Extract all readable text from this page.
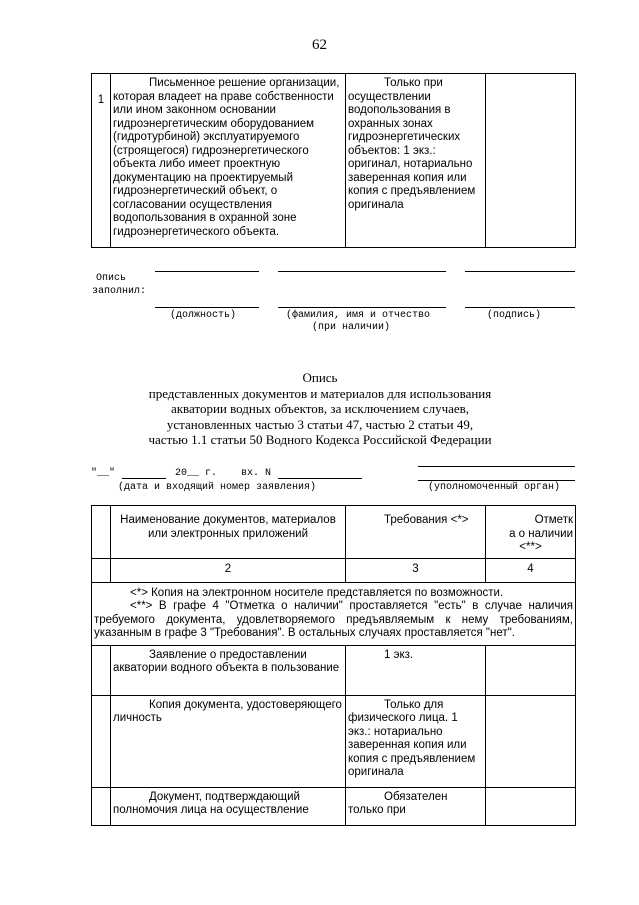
62
1	Письменное решение организации, которая владеет на праве собственности или ином законном основании гидроэнергетическим оборудованием (гидротурбиной) эксплуатируемого (строящегося) гидроэнергетического объекта либо имеет проектную документацию на проектируемый гидроэнергетический объект, о согласовании осуществления водопользования в охранной зоне гидроэнергетического объекта.	Только при осуществлении водопользования в охранных зонах гидроэнергетических объектов: 1 экз.: оригинал, нотариально заверенная копия или копия с предъявлением оригинала	
Опись
заполнил:
(должность)	(фамилия, имя и отчество
(при наличии)
(подпись)
Опись
представленных документов и материалов для использования
акватории водных объектов, за исключением случаев,
установленных частью 3 статьи 47, частью 2 статьи 49,
частью 1.1 статьи 50 Водного Кодекса Российской Федерации
"__"          20__ г.    вх. N
(дата и входящий номер заявления)	(уполномоченный орган)
	Наименование документов, материалов или электронных приложений	Требования <*>	Отметк
а о наличии
<**>

	2	3	4

<*> Копия на электронном носителе представляется по возможности.
<**> В графе 4 "Отметка о наличии" проставляется "есть" в случае наличия требуемого документа, удовлетворяемого предъявляемым к нему требованиям, указанным в графе 3 "Требования". В остальных случаях проставляется "нет".			

	Заявление о предоставлении акватории водного объекта в пользование	1 экз.	
	Копия документа, удостоверяющего личность	Только для физического лица. 1 экз.: нотариально заверенная копия или копия с предъявлением оригинала	
	Документ, подтверждающий полномочия лица на осуществление	Обязателен только при	
